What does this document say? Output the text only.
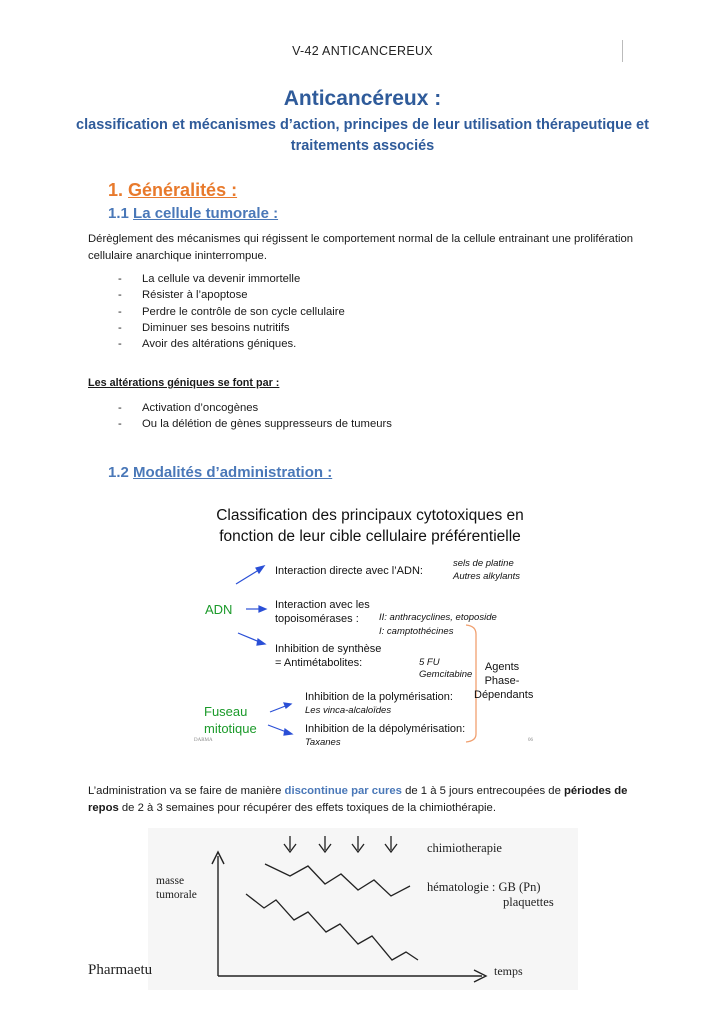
V-42 ANTICANCEREUX
Anticancéreux :
classification et mécanismes d’action, principes de leur utilisation thérapeutique et traitements associés
1. Généralités :
1.1 La cellule tumorale :
Dérèglement des mécanismes qui régissent le comportement normal de la cellule entrainant une prolifération cellulaire anarchique ininterrompue.
- La cellule va devenir immortelle
- Résister à l’apoptose
- Perdre le contrôle de son cycle cellulaire
- Diminuer ses besoins nutritifs
- Avoir des altérations géniques.
Les altérations géniques se font par :
- Activation d’oncogènes
- Ou la délétion de gènes suppresseurs de tumeurs
1.2 Modalités d’administration :
Classification des principaux cytotoxiques en fonction de leur cible cellulaire préférentielle
Interaction directe avec l’ADN:
sels de platine
Autres alkylants
ADN	Interaction avec les
topoisomérases : II: anthracyclines, etoposide
I: camptothécines
Inhibition de synthèse
= Antimétabolites:	5 FU
Gemcitabine
Agents
Phase-
Dépendants
Fuseau
mitotique
Inhibition de la polymérisation:
Les vinca-alcaloïdes
Inhibition de la dépolymérisation:
Taxanes
DARMA	06
L’administration va se faire de manière discontinue par cures de 1 à 5 jours entrecoupées de périodes de repos de 2 à 3 semaines pour récupérer des effets toxiques de la chimiothérapie.
masse
tumorale
chimiotherapie
hématologie : GB (Pn)
plaquettes
temps
Pharmaetu
